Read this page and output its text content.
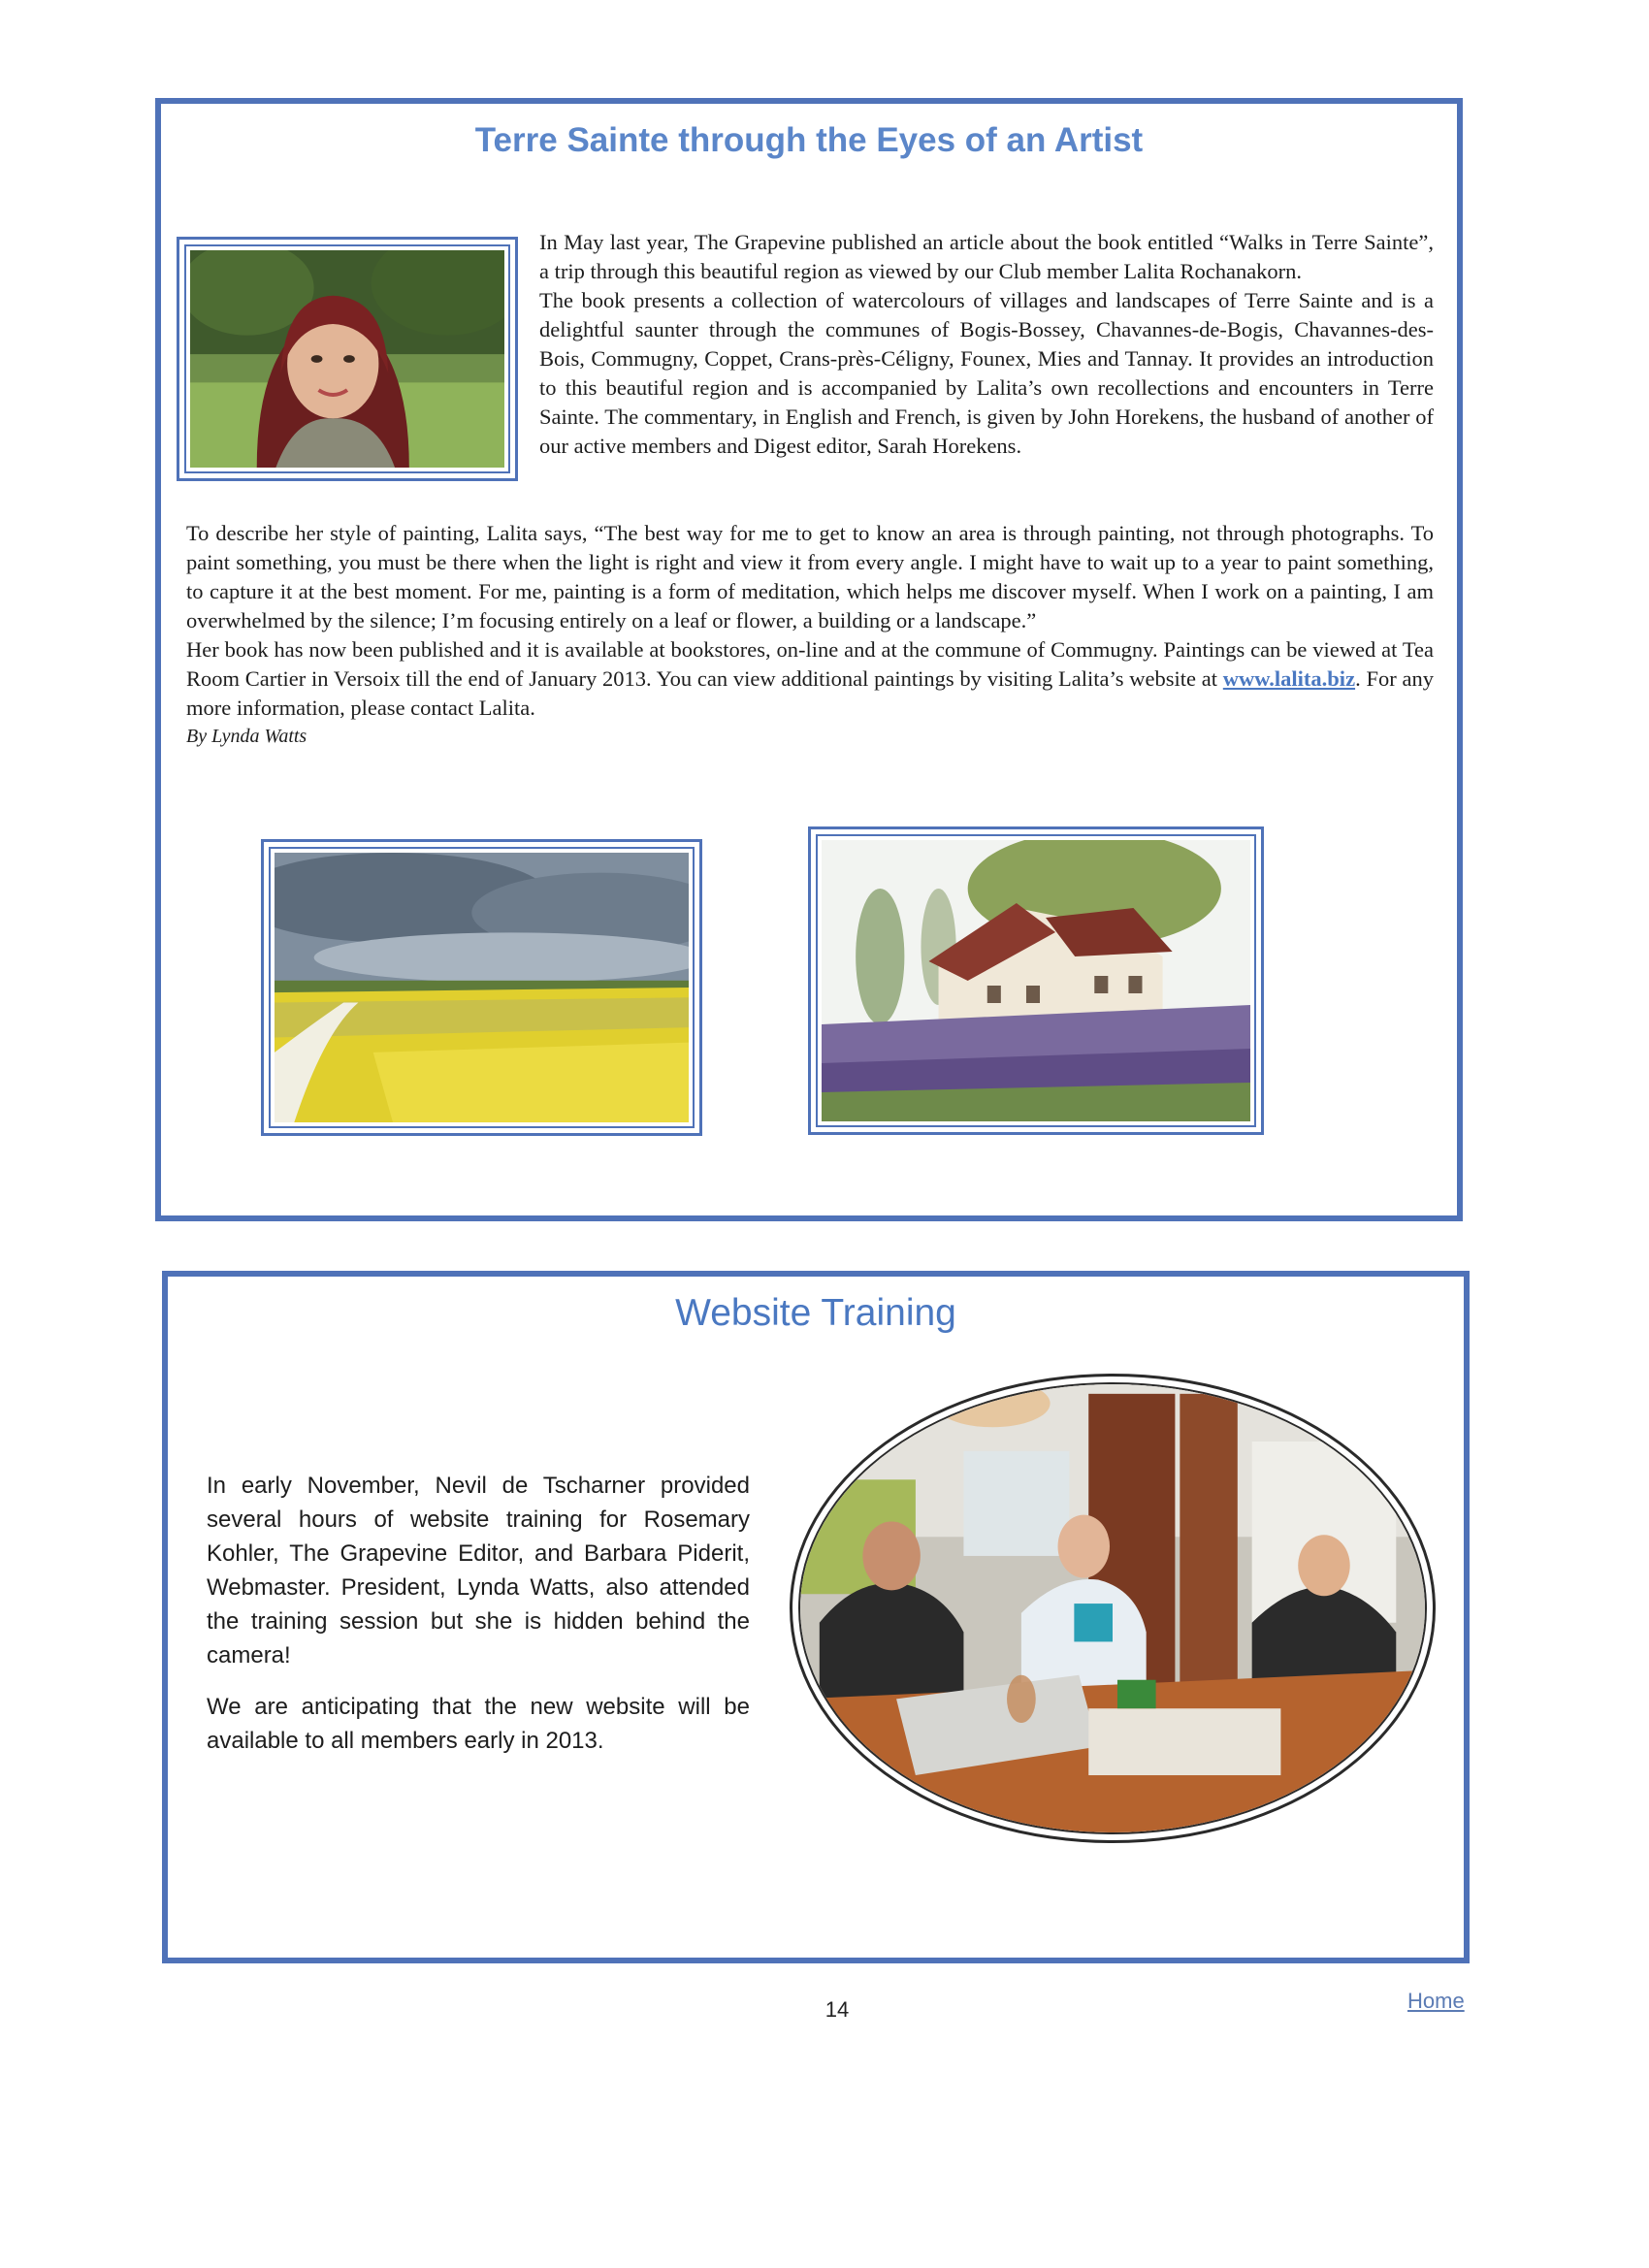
Terre Sainte through the Eyes of an Artist

In May last year, The Grapevine published an article about the book entitled “Walks in Terre Sainte”, a trip through this beautiful region as viewed by our Club member Lalita Rochanakorn.

The book presents a collection of watercolours of villages and landscapes of Terre Sainte and is a delightful saunter through the communes of Bogis-Bossey, Chavannes-de-Bogis, Chavannes-des-Bois, Commugny, Coppet, Crans-près-Céligny, Founex, Mies and Tannay. It provides an introduction to this beautiful region and is accompanied by Lalita’s own recollections and encounters in Terre Sainte. The commentary, in English and French, is given by John Horekens, the husband of another of our active members and Digest editor, Sarah Horekens.

To describe her style of painting, Lalita says, “The best way for me to get to know an area is through painting, not through photographs. To paint something, you must be there when the light is right and view it from every angle. I might have to wait up to a year to paint something, to capture it at the best moment. For me, painting is a form of meditation, which helps me discover myself. When I work on a painting, I am overwhelmed by the silence; I’m focusing entirely on a leaf or flower, a building or a landscape.”

Her book has now been published and it is available at bookstores, on-line and at the commune of Commugny. Paintings can be viewed at Tea Room Cartier in Versoix till the end of January 2013. You can view additional paintings by visiting Lalita’s website at www.lalita.biz. For any more information, please contact Lalita.

By Lynda Watts

Website Training

In early November, Nevil de Tscharner provided several hours of website training for Rosemary Kohler, The Grapevine Editor, and Barbara Piderit, Webmaster. President, Lynda Watts, also attended the training session but she is hidden behind the camera!

We are anticipating that the new website will be available to all members early in 2013.

14	Home
